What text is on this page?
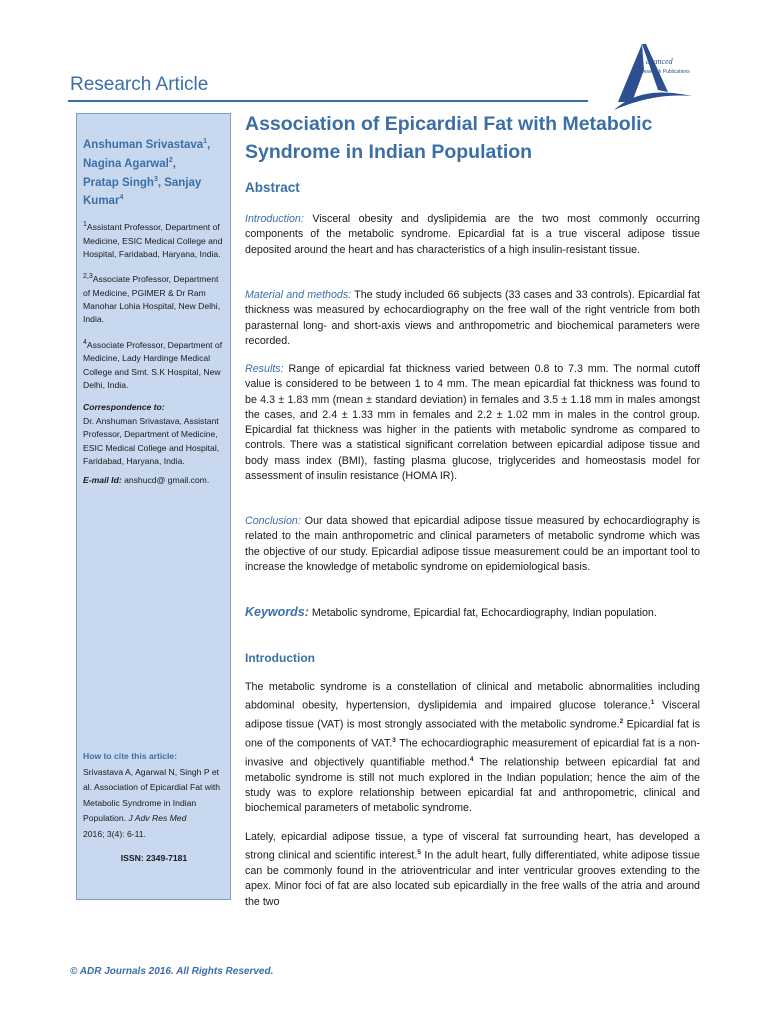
Research Article
dvanced
Research Publications
Anshuman Srivastava$^1$,
Nagina Agarwal$^2$,
Pratap Singh$^3$, Sanjay
Kumar$^4$
$^1$Assistant Professor, Department of Medicine, ESIC Medical College and Hospital, Faridabad, Haryana, India.
$^{2,3}$Associate Professor, Department of Medicine, PGIMER & Dr Ram Manohar Lohia Hospital, New Delhi, India.
$^4$Associate Professor, Department of Medicine, Lady Hardinge Medical College and Smt. S.K Hospital, New Delhi, India.
Correspondence to:
Dr. Anshuman Srivastava, Assistant Professor, Department of Medicine, ESIC Medical College and Hospital, Faridabad, Haryana, India.
E-mail Id: anshucd@ gmail.com.
How to cite this article:
Srivastava A, Agarwal N, Singh P et al. Association of Epicardial Fat with Metabolic Syndrome in Indian Population. J Adv Res Med
2016; 3(4): 6-11.
ISSN: 2349-7181
Association of Epicardial Fat with Metabolic Syndrome in Indian Population
Abstract

Introduction: Visceral obesity and dyslipidemia are the two most commonly occurring components of the metabolic syndrome. Epicardial fat is a true visceral adipose tissue deposited around the heart and has characteristics of a high insulin-resistant tissue.

Material and methods: The study included 66 subjects (33 cases and 33 controls). Epicardial fat thickness was measured by echocardiography on the free wall of the right ventricle from both parasternal long- and short-axis views and anthropometric and biochemical parameters were recorded.

Results: Range of epicardial fat thickness varied between 0.8 to 7.3 mm. The normal cutoff value is considered to be between 1 to 4 mm. The mean epicardial fat thickness was found to be 4.3 ± 1.83 mm (mean ± standard deviation) in females and 3.5 ± 1.18 mm in males amongst the cases, and 2.4 ± 1.33 mm in females and 2.2 ± 1.02 mm in males in the control group. Epicardial fat thickness was higher in the patients with metabolic syndrome as compared to controls. There was a statistical significant correlation between epicardial adipose tissue and body mass index (BMI), fasting plasma glucose, triglycerides and homeostasis model for assessment of insulin resistance (HOMA IR).

Conclusion: Our data showed that epicardial adipose tissue measured by echocardiography is related to the main anthropometric and clinical parameters of metabolic syndrome which was the objective of our study. Epicardial adipose tissue measurement could be an important tool to increase the knowledge of metabolic syndrome on epidemiological basis.

Keywords: Metabolic syndrome, Epicardial fat, Echocardiography, Indian population.

Introduction

The metabolic syndrome is a constellation of clinical and metabolic abnormalities including abdominal obesity, hypertension, dyslipidemia and impaired glucose tolerance.$^1$ Visceral adipose tissue (VAT) is most strongly associated with the metabolic syndrome.$^2$ Epicardial fat is one of the components of VAT.$^3$ The echocardiographic measurement of epicardial fat is a non-invasive and objectively quantifiable method.$^4$ The relationship between epicardial fat and metabolic syndrome is still not much explored in the Indian population; hence the aim of the study was to explore relationship between epicardial fat and anthropometric, clinical and biochemical parameters of metabolic syndrome.

Lately, epicardial adipose tissue, a type of visceral fat surrounding heart, has developed a strong clinical and scientific interest.$^5$ In the adult heart, fully differentiated, white adipose tissue can be commonly found in the atrioventricular and inter ventricular grooves extending to the apex. Minor foci of fat are also located sub epicardially in the free walls of the atria and around the two

© ADR Journals 2016. All Rights Reserved.
